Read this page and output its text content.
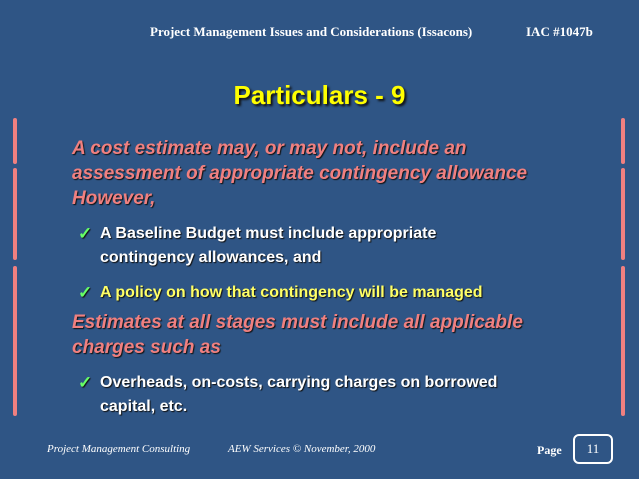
Project Management Issues and Considerations (Issacons)	IAC #1047b
Particulars - 9
A cost estimate may, or may not, include an
assessment of appropriate contingency allowance
However,
✓ A Baseline Budget must include appropriate
contingency allowances, and
✓ A policy on how that contingency will be managed
Estimates at all stages must include all applicable
charges such as
✓ Overheads, on-costs, carrying charges on borrowed
capital, etc.
Project Management Consulting	AEW Services © November, 2000	Page	11
